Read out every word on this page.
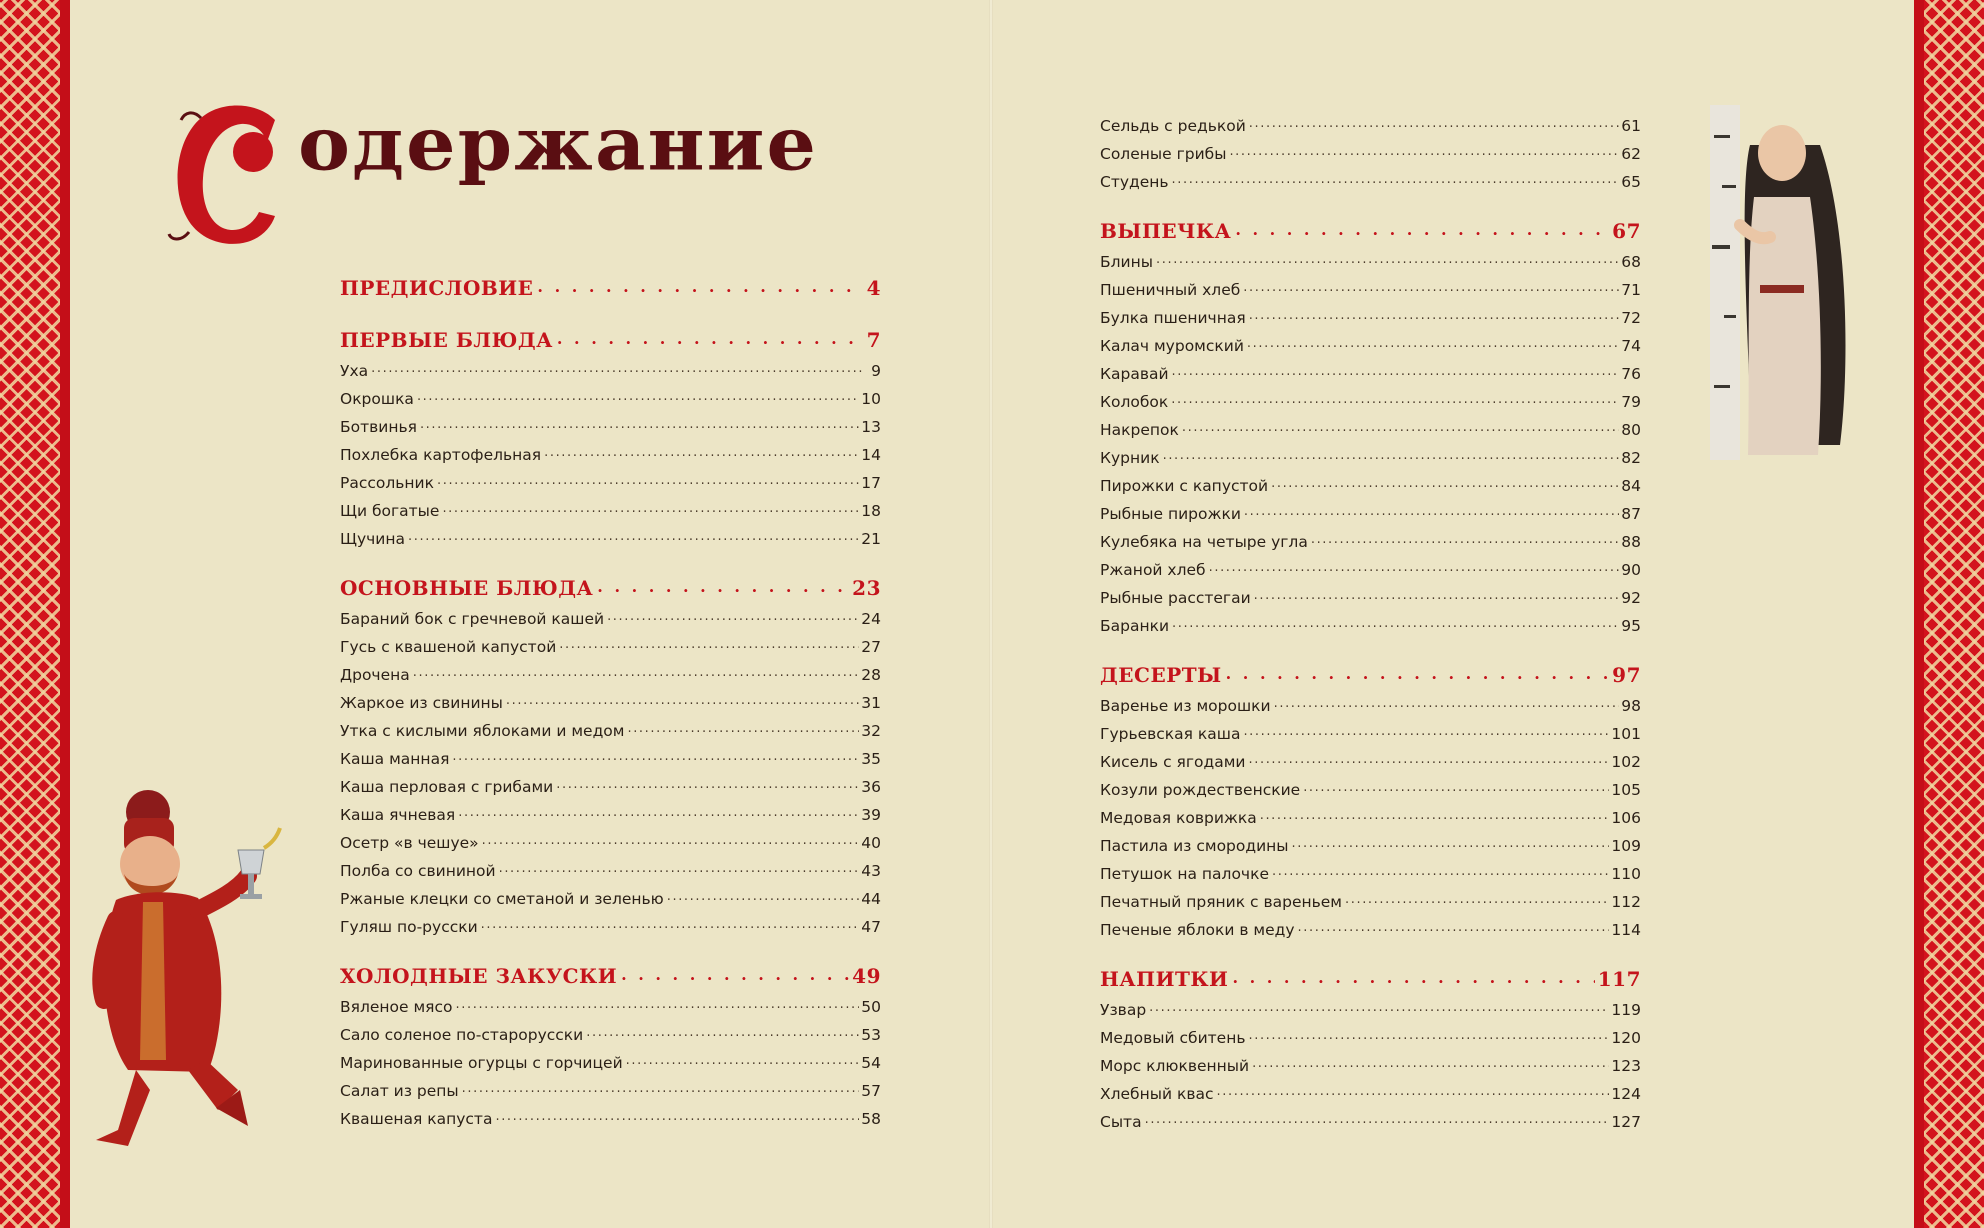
одержание
ПРЕДИСЛОВИЕ . . .	4
ПЕРВЫЕ БЛЮДА . . .	7
Уха .....	9
Окрошка .....	10
Ботвинья .....	13
Похлебка картофельная .....	14
Рассольник .....	17
Щи богатые .....	18
Щучина .....	21
ОСНОВНЫЕ БЛЮДА . . .	23
Бараний бок с гречневой кашей .....	24
Гусь с квашеной капустой .....	27
Дрочена .....	28
Жаркое из свинины .....	31
Утка с кислыми яблоками и медом .....	32
Каша манная .....	35
Каша перловая с грибами .....	36
Каша ячневая .....	39
Осетр «в чешуе» .....	40
Полба со свининой .....	43
Ржаные клецки со сметаной и зеленью .....	44
Гуляш по-русски .....	47
ХОЛОДНЫЕ ЗАКУСКИ . . .	49
Вяленое мясо .....	50
Сало соленое по-старорусски .....	53
Маринованные огурцы с горчицей .....	54
Салат из репы .....	57
Квашеная капуста .....	58
Сельдь с редькой .....	61
Соленые грибы .....	62
Студень .....	65
ВЫПЕЧКА . . .	67
Блины .....	68
Пшеничный хлеб .....	71
Булка пшеничная .....	72
Калач муромский .....	74
Каравай .....	76
Колобок .....	79
Накрепок .....	80
Курник .....	82
Пирожки с капустой .....	84
Рыбные пирожки .....	87
Кулебяка на четыре угла .....	88
Ржаной хлеб .....	90
Рыбные расстегаи .....	92
Баранки .....	95
ДЕСЕРТЫ . . .	97
Варенье из морошки .....	98
Гурьевская каша .....	101
Кисель с ягодами .....	102
Козули рождественские .....	105
Медовая коврижка .....	106
Пастила из смородины .....	109
Петушок на палочке .....	110
Печатный пряник с вареньем .....	112
Печеные яблоки в меду .....	114
НАПИТКИ . . .	117
Узвар .....	119
Медовый сбитень .....	120
Морс клюквенный .....	123
Хлебный квас .....	124
Сыта .....	127
